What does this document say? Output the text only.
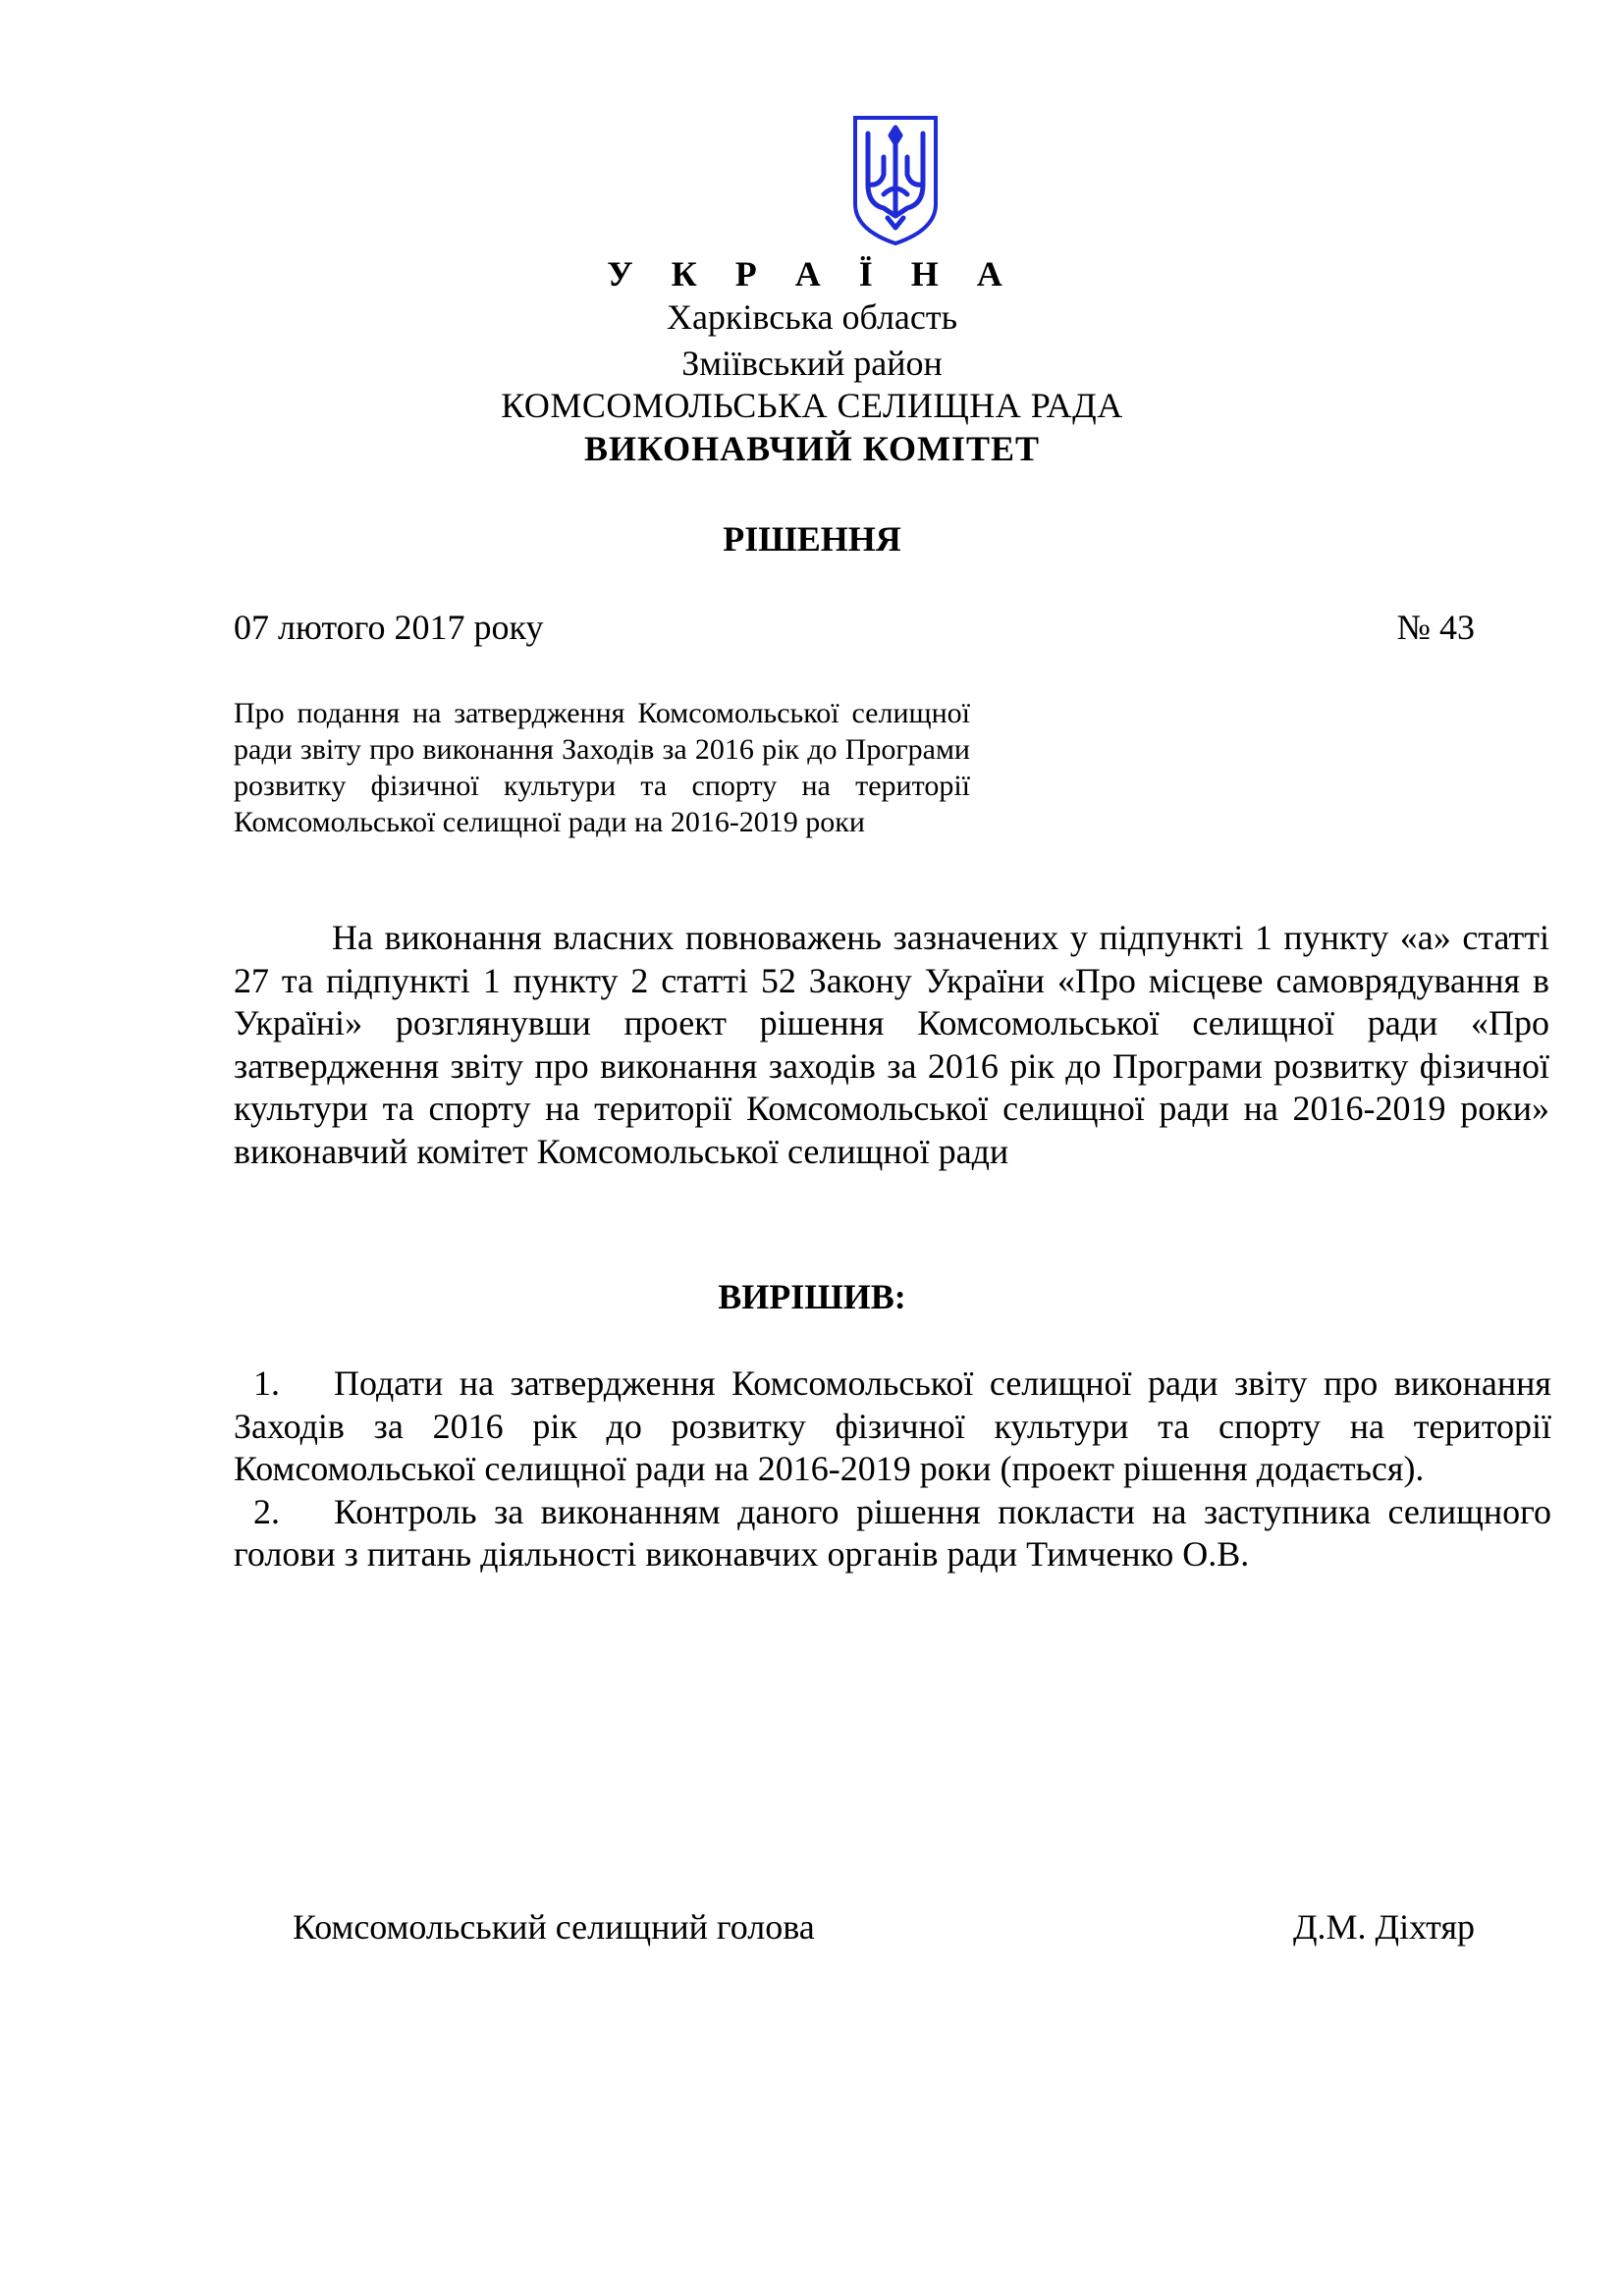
У К Р А Ї Н А
Харківська область
Зміївський район
КОМСОМОЛЬСЬКА СЕЛИЩНА РАДА
ВИКОНАВЧИЙ КОМІТЕТ
РІШЕННЯ
07 лютого 2017 року	№ 43
Про подання на затвердження Комсомольської селищної ради звіту про виконання Заходів за 2016 рік до Програми розвитку фізичної культури та спорту на території Комсомольської селищної ради на 2016-2019 роки
На виконання власних повноважень зазначених у підпункті 1 пункту «а» статті 27 та підпункті 1 пункту 2 статті 52 Закону України «Про місцеве самоврядування в Україні» розглянувши проект рішення Комсомольської селищної ради «Про затвердження звіту про виконання заходів за 2016 рік до Програми розвитку фізичної культури та спорту на території Комсомольської селищної ради на 2016-2019 роки» виконавчий комітет Комсомольської селищної ради
ВИРІШИВ:
1. Подати на затвердження Комсомольської селищної ради звіту про виконання Заходів за 2016 рік до розвитку фізичної культури та спорту на території Комсомольської селищної ради на 2016-2019 роки (проект рішення додається).
2. Контроль за виконанням даного рішення покласти на заступника селищного голови з питань діяльності виконавчих органів ради Тимченко О.В.
Комсомольський селищний голова	Д.М. Діхтяр
